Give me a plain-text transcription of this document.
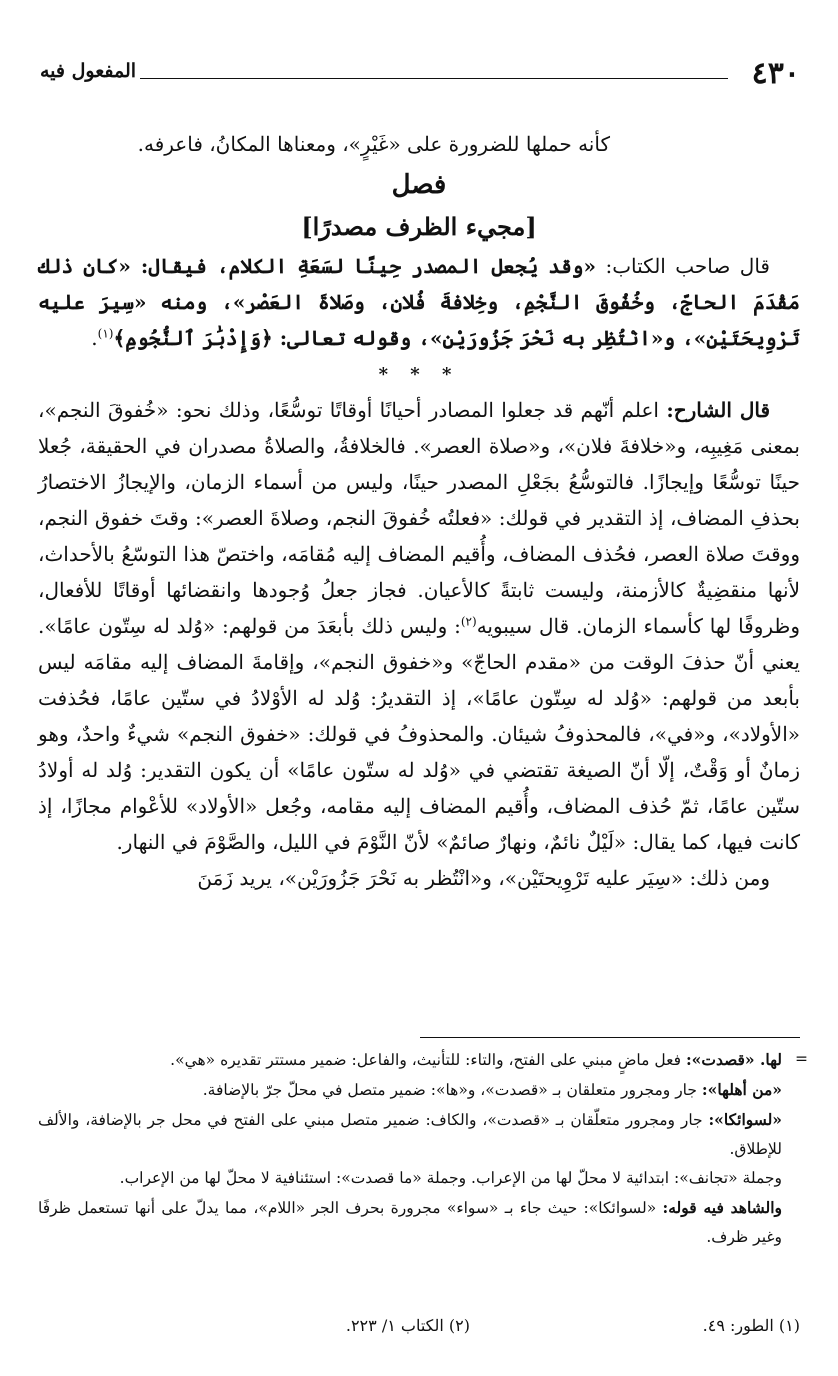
٤٣٠
المفعول فيه

كأنه حملها للضرورة على «غَيْرٍ»، ومعناها المكانُ، فاعرفه.

فصل
[مجيء الظرف مصدرًا]

قال صاحب الكتاب: «وقد يُجعل المصدر حِينًا لسَعَةِ الكلام، فيقال: «كان ذلك مَقْدَمَ الحاجّ، وخُفُوقَ النَّجْمِ، وخِلافةَ فُلان، وصَلاةَ العَصْر»، ومنه «سِيرَ عليه تَرْوِيحَتَيْنِ»، و«انْتُظِر به نَحْرَ جَزُورَيْنِ»، وقوله تعالى: ﴿وَإِدْبَٰرَ ٱلنُّجُومِ﴾$^{(١)}$.

* * *

قال الشارح: اعلم أنّهم قد جعلوا المصادر أحيانًا أوقاتًا توسُّعًا، وذلك نحو: «خُفوقَ النجم»، بمعنى مَغِيبِه، و«خلافةَ فلان»، و«صلاة العصر». فالخلافةُ، والصلاةُ مصدران في الحقيقة، جُعلا حينًا توسُّعًا وإيجازًا. فالتوسُّعُ بجَعْلِ المصدر حينًا، وليس من أسماء الزمان، والإيجازُ الاختصارُ بحذفِ المضاف، إذ التقدير في قولك: «فعلتُه خُفوقَ النجم، وصلاةَ العصر»: وقتَ خفوق النجم، ووقتَ صلاة العصر، فحُذف المضاف، وأُقيم المضاف إليه مُقامَه، واختصّ هذا التوسّعُ بالأحداث، لأنها منقضِيةٌ كالأزمنة، وليست ثابتةً كالأعيان. فجاز جعلُ وُجودها وانقضائها أوقاتًا للأفعال، وظروفًا لها كأسماء الزمان. قال سيبويه$^{(٢)}$: وليس ذلك بأبعَدَ من قولهم: «وُلد له سِتّون عامًا». يعني أنّ حذفَ الوقت من «مقدم الحاجّ» و«خفوق النجم»، وإقامةَ المضاف إليه مقامَه ليس بأبعد من قولهم: «وُلد له سِتّون عامًا»، إذ التقديرُ: وُلد له الأوْلادُ في ستّين عامًا، فحُذفت «الأولاد»، و«في»، فالمحذوفُ شيئان. والمحذوفُ في قولك: «خفوق النجم» شيءٌ واحدٌ، وهو زمانٌ أو وَقْتٌ، إلّا أنّ الصيغة تقتضي في «وُلد له ستّون عامًا» أن يكون التقدير: وُلد له أولادُ ستّين عامًا، ثمّ حُذف المضاف، وأُقيم المضاف إليه مقامه، وجُعل «الأولاد» للأعْوام مجازًا، إذ كانت فيها، كما يقال: «لَيْلٌ نائمٌ، ونهارٌ صائمٌ» لأنّ النَّوْمَ في الليل، والصَّوْمَ في النهار.

ومن ذلك: «سِيَر عليه تَرْوِيحتَيْن»، و«انْتُظر به نَحْرَ جَزُورَيْن»، يريد زَمَنَ

=

لها. «قصدت»: فعل ماضٍ مبني على الفتح، والتاء: للتأنيث، والفاعل: ضمير مستتر تقديره «هي».

«من أهلها»: جار ومجرور متعلقان بـ «قصدت»، و«ها»: ضمير متصل في محلّ جرّ بالإضافة.

«لسوائكا»: جار ومجرور متعلّقان بـ «قصدت»، والكاف: ضمير متصل مبني على الفتح في محل جر بالإضافة، والألف للإطلاق.

وجملة «تجانف»: ابتدائية لا محلّ لها من الإعراب. وجملة «ما قصدت»: استئنافية لا محلّ لها من الإعراب.

والشاهد فيه قوله: «لسوائكا»: حيث جاء بـ «سواء» مجرورة بحرف الجر «اللام»، مما يدلّ على أنها تستعمل ظرفًا وغير ظرف.

(١) الطور: ٤٩.
(٢) الكتاب ١/ ٢٢٣.
